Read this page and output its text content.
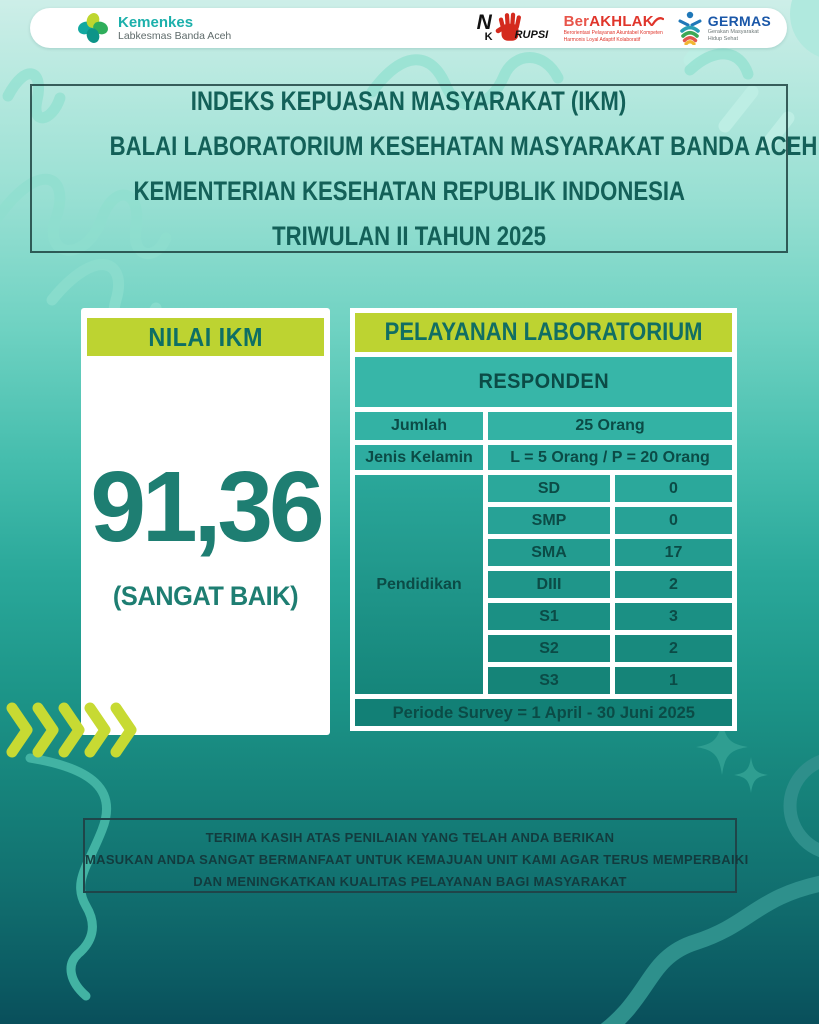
Kemenkes
Labkesmas Banda Aceh
N
K RUPSI
BerAKHLAK
Berorientasi Pelayanan Akuntabel Kompeten
Harmonis Loyal Adaptif Kolaboratif
GERMAS
Gerakan Masyarakat
Hidup Sehat
INDEKS KEPUASAN MASYARAKAT (IKM)
BALAI LABORATORIUM KESEHATAN MASYARAKAT BANDA ACEH
KEMENTERIAN KESEHATAN REPUBLIK INDONESIA
TRIWULAN II TAHUN 2025
NILAI IKM
91,36
(SANGAT BAIK)
PELAYANAN LABORATORIUM
RESPONDEN
Jumlah	25 Orang
Jenis Kelamin	L = 5 Orang / P = 20 Orang
Pendidikan
SD	0
SMP	0
SMA	17
DIII	2
S1	3
S2	2
S3	1
Periode Survey = 1 April - 30 Juni 2025
TERIMA KASIH ATAS PENILAIAN YANG TELAH ANDA BERIKAN
MASUKAN ANDA SANGAT BERMANFAAT UNTUK KEMAJUAN UNIT KAMI AGAR TERUS MEMPERBAIKI
DAN MENINGKATKAN KUALITAS PELAYANAN BAGI MASYARAKAT
